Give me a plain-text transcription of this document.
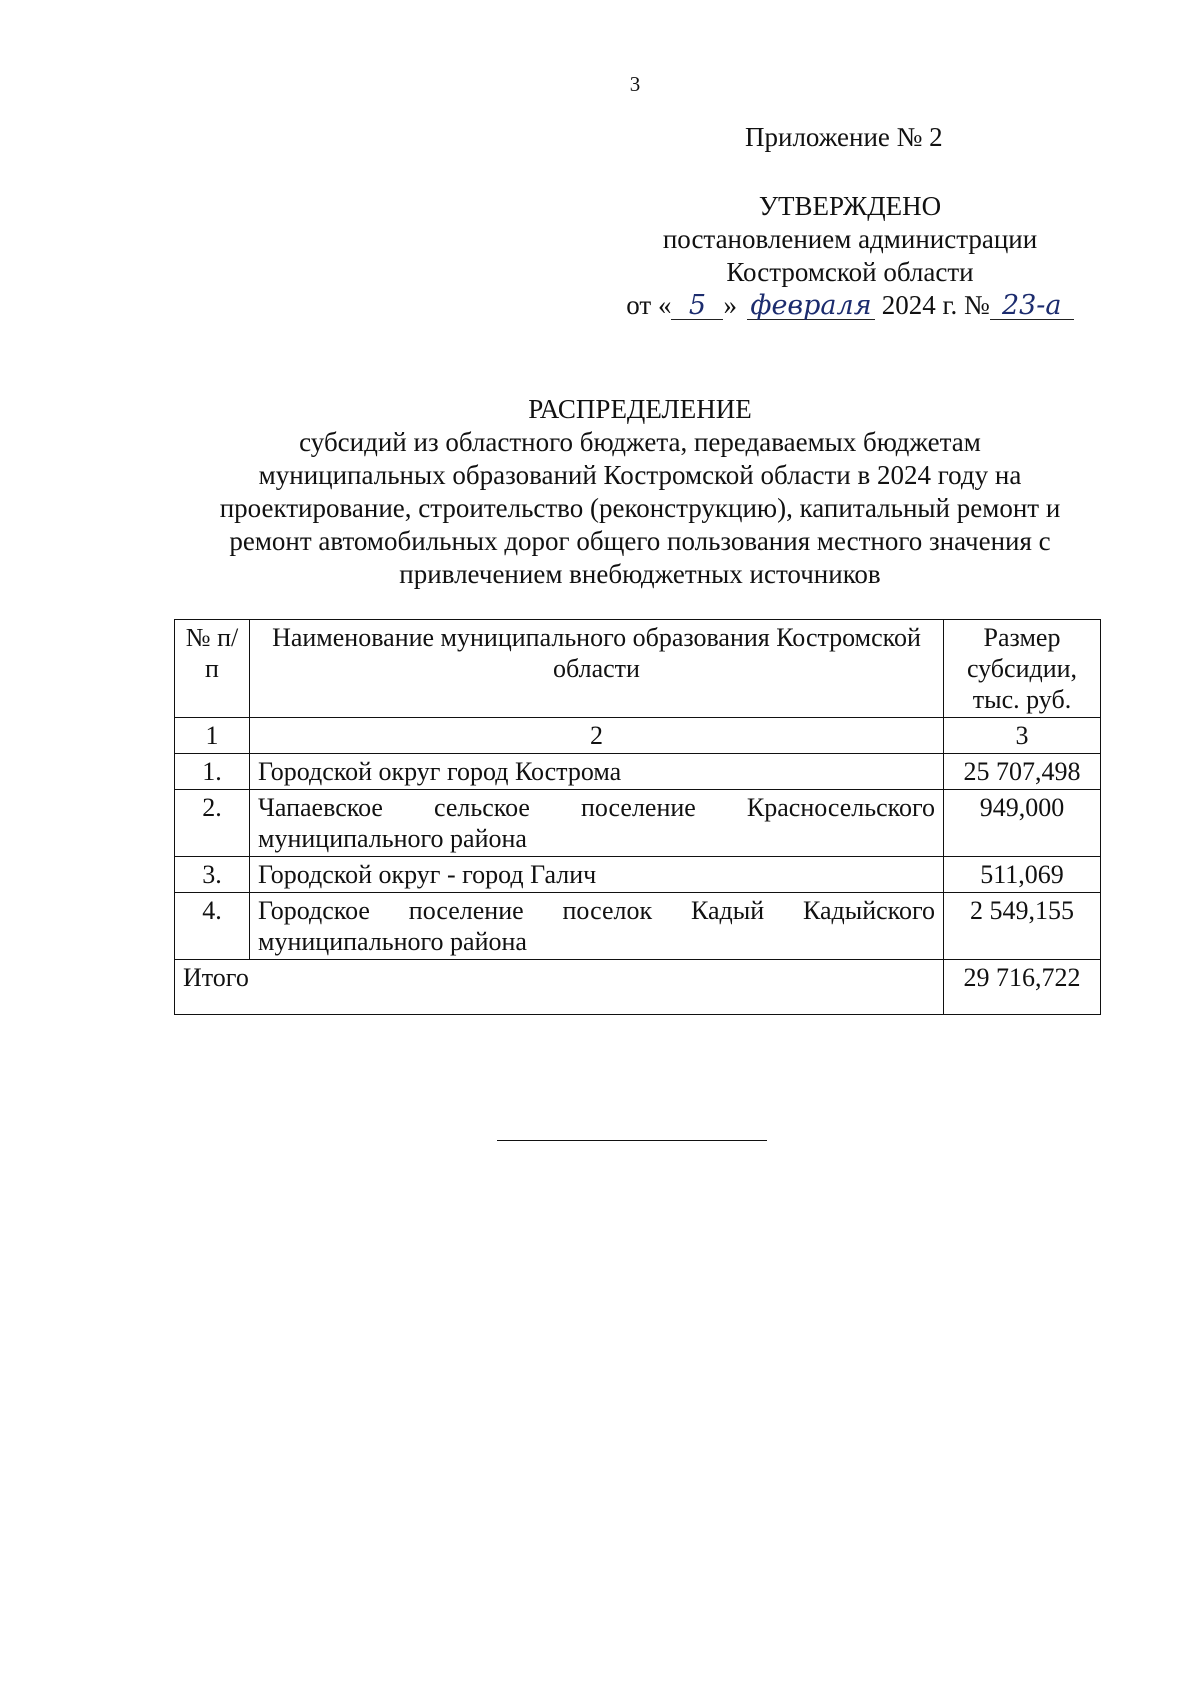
3
Приложение № 2
УТВЕРЖДЕНО
постановлением администрации
Костромской области
от « 5 » февраля 2024 г. № 23-а
РАСПРЕДЕЛЕНИЕ
субсидий из областного бюджета, передаваемых бюджетам
муниципальных образований Костромской области в 2024 году на
проектирование, строительство (реконструкцию), капитальный ремонт и
ремонт автомобильных дорог общего пользования местного значения с
привлечением внебюджетных источников
№ п/п	Наименование муниципального образования Костромской области	Размер субсидии, тыс. руб.
1	2	3
1.	Городской округ город Кострома	25 707,498
2.	Чапаевское сельское поселение Красносельского муниципального района	949,000
3.	Городской округ - город Галич	511,069
4.	Городское поселение поселок Кадый Кадыйского муниципального района	2 549,155
Итого		29 716,722
